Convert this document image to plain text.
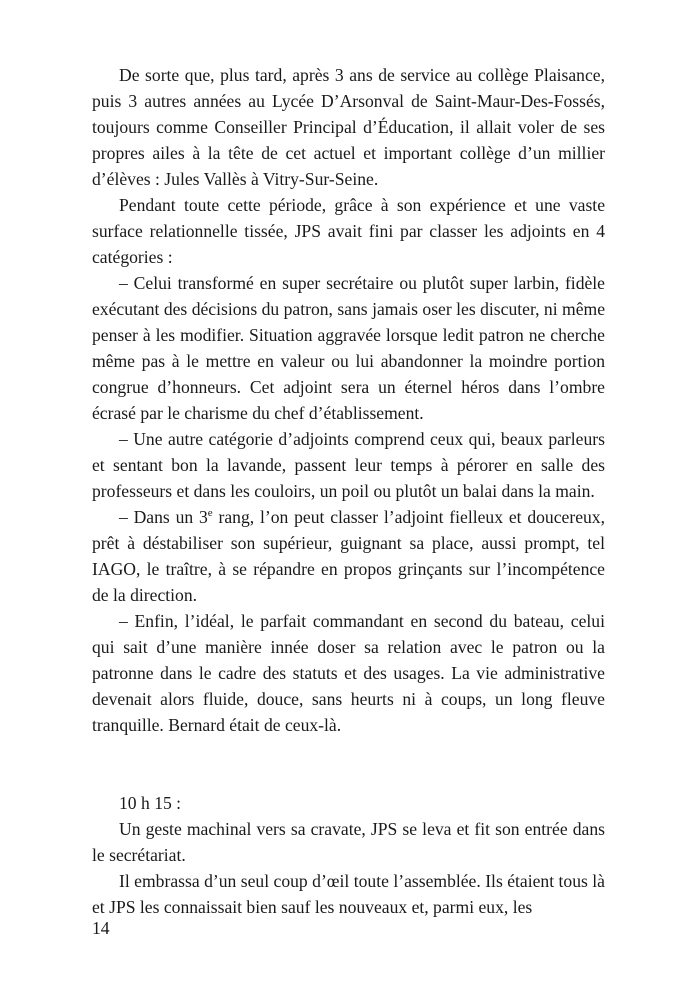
De sorte que, plus tard, après 3 ans de service au collège Plaisance, puis 3 autres années au Lycée D’Arsonval de Saint-Maur-Des-Fossés, toujours comme Conseiller Principal d’Éducation, il allait voler de ses propres ailes à la tête de cet actuel et important collège d’un millier d’élèves : Jules Vallès à Vitry-Sur-Seine.

Pendant toute cette période, grâce à son expérience et une vaste surface relationnelle tissée, JPS avait fini par classer les adjoints en 4 catégories :

– Celui transformé en super secrétaire ou plutôt super larbin, fidèle exécutant des décisions du patron, sans jamais oser les discuter, ni même penser à les modifier. Situation aggravée lorsque ledit patron ne cherche même pas à le mettre en valeur ou lui abandonner la moindre portion congrue d’honneurs. Cet adjoint sera un éternel héros dans l’ombre écrasé par le charisme du chef d’établissement.

– Une autre catégorie d’adjoints comprend ceux qui, beaux parleurs et sentant bon la lavande, passent leur temps à pérorer en salle des professeurs et dans les couloirs, un poil ou plutôt un balai dans la main.

– Dans un 3e rang, l’on peut classer l’adjoint fielleux et doucereux, prêt à déstabiliser son supérieur, guignant sa place, aussi prompt, tel IAGO, le traître, à se répandre en propos grinçants sur l’incompétence de la direction.

– Enfin, l’idéal, le parfait commandant en second du bateau, celui qui sait d’une manière innée doser sa relation avec le patron ou la patronne dans le cadre des statuts et des usages. La vie administrative devenait alors fluide, douce, sans heurts ni à coups, un long fleuve tranquille. Bernard était de ceux-là.

10 h 15 :

Un geste machinal vers sa cravate, JPS se leva et fit son entrée dans le secrétariat.

Il embrassa d’un seul coup d’œil toute l’assemblée. Ils étaient tous là et JPS les connaissait bien sauf les nouveaux et, parmi eux, les

14
